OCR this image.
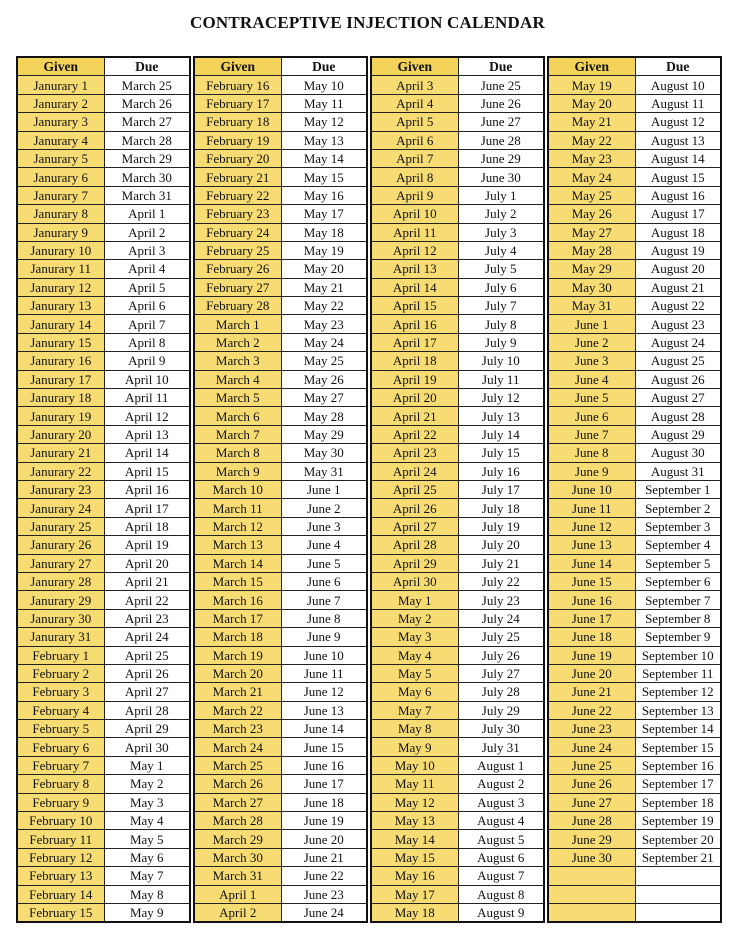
CONTRACEPTIVE INJECTION CALENDAR
Given	Due
Janurary 1	March 25
Janurary 2	March 26
Janurary 3	March 27
Janurary 4	March 28
Janurary 5	March 29
Janurary 6	March 30
Janurary 7	March 31
Janurary 8	April 1
Janurary 9	April 2
Janurary 10	April 3
Janurary 11	April 4
Janurary 12	April 5
Janurary 13	April 6
Janurary 14	April 7
Janurary 15	April 8
Janurary 16	April 9
Janurary 17	April 10
Janurary 18	April 11
Janurary 19	April 12
Janurary 20	April 13
Janurary 21	April 14
Janurary 22	April 15
Janurary 23	April 16
Janurary 24	April 17
Janurary 25	April 18
Janurary 26	April 19
Janurary 27	April 20
Janurary 28	April 21
Janurary 29	April 22
Janurary 30	April 23
Janurary 31	April 24
February 1	April 25
February 2	April 26
February 3	April 27
February 4	April 28
February 5	April 29
February 6	April 30
February 7	May 1
February 8	May 2
February 9	May 3
February 10	May 4
February 11	May 5
February 12	May 6
February 13	May 7
February 14	May 8
February 15	May 9
Given	Due
February 16	May 10
February 17	May 11
February 18	May 12
February 19	May 13
February 20	May 14
February 21	May 15
February 22	May 16
February 23	May 17
February 24	May 18
February 25	May 19
February 26	May 20
February 27	May 21
February 28	May 22
March 1	May 23
March 2	May 24
March 3	May 25
March 4	May 26
March 5	May 27
March 6	May 28
March 7	May 29
March 8	May 30
March 9	May 31
March 10	June 1
March 11	June 2
March 12	June 3
March 13	June 4
March 14	June 5
March 15	June 6
March 16	June 7
March 17	June 8
March 18	June 9
March 19	June 10
March 20	June 11
March 21	June 12
March 22	June 13
March 23	June 14
March 24	June 15
March 25	June 16
March 26	June 17
March 27	June 18
March 28	June 19
March 29	June 20
March 30	June 21
March 31	June 22
April 1	June 23
April 2	June 24
Given	Due
April 3	June 25
April 4	June 26
April 5	June 27
April 6	June 28
April 7	June 29
April 8	June 30
April 9	July 1
April 10	July 2
April 11	July 3
April 12	July 4
April 13	July 5
April 14	July 6
April 15	July 7
April 16	July 8
April 17	July 9
April 18	July 10
April 19	July 11
April 20	July 12
April 21	July 13
April 22	July 14
April 23	July 15
April 24	July 16
April 25	July 17
April 26	July 18
April 27	July 19
April 28	July 20
April 29	July 21
April 30	July 22
May 1	July 23
May 2	July 24
May 3	July 25
May 4	July 26
May 5	July 27
May 6	July 28
May 7	July 29
May 8	July 30
May 9	July 31
May 10	August 1
May 11	August 2
May 12	August 3
May 13	August 4
May 14	August 5
May 15	August 6
May 16	August 7
May 17	August 8
May 18	August 9
Given	Due
May 19	August 10
May 20	August 11
May 21	August 12
May 22	August 13
May 23	August 14
May 24	August 15
May 25	August 16
May 26	August 17
May 27	August 18
May 28	August 19
May 29	August 20
May 30	August 21
May 31	August 22
June 1	August 23
June 2	August 24
June 3	August 25
June 4	August 26
June 5	August 27
June 6	August 28
June 7	August 29
June 8	August 30
June 9	August 31
June 10	September 1
June 11	September 2
June 12	September 3
June 13	September 4
June 14	September 5
June 15	September 6
June 16	September 7
June 17	September 8
June 18	September 9
June 19	September 10
June 20	September 11
June 21	September 12
June 22	September 13
June 23	September 14
June 24	September 15
June 25	September 16
June 26	September 17
June 27	September 18
June 28	September 19
June 29	September 20
June 30	September 21
